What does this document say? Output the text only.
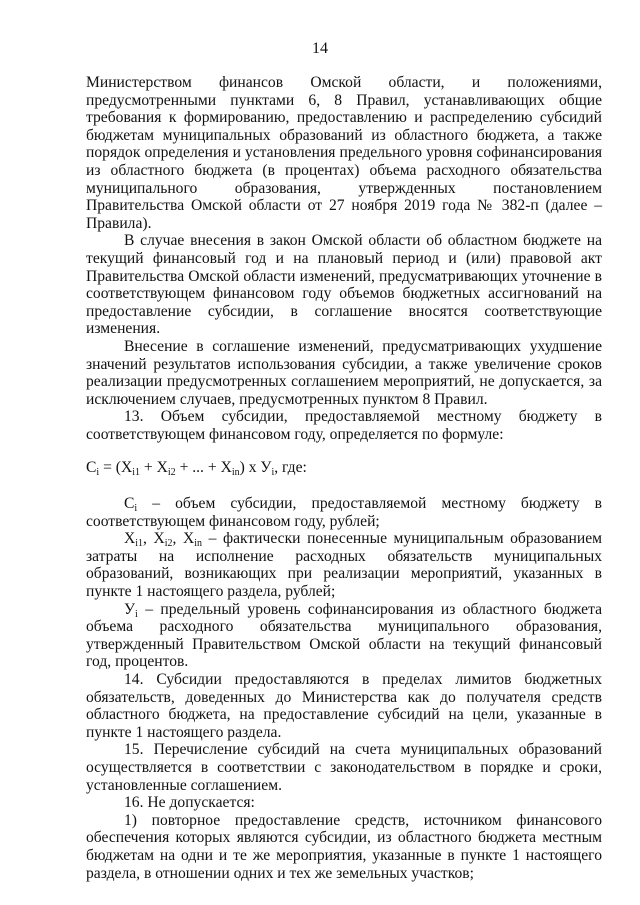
14

Министерством финансов Омской области, и положениями, предусмотренными пунктами 6, 8 Правил, устанавливающих общие требования к формированию, предоставлению и распределению субсидий бюджетам муниципальных образований из областного бюджета, а также порядок определения и установления предельного уровня софинансирования из областного бюджета (в процентах) объема расходного обязательства муниципального образования, утвержденных постановлением Правительства Омской области от 27 ноября 2019 года № 382-п (далее – Правила).

В случае внесения в закон Омской области об областном бюджете на текущий финансовый год и на плановый период и (или) правовой акт Правительства Омской области изменений, предусматривающих уточнение в соответствующем финансовом году объемов бюджетных ассигнований на предоставление субсидии, в соглашение вносятся соответствующие изменения.

Внесение в соглашение изменений, предусматривающих ухудшение значений результатов использования субсидии, а также увеличение сроков реализации предусмотренных соглашением мероприятий, не допускается, за исключением случаев, предусмотренных пунктом 8 Правил.

13. Объем субсидии, предоставляемой местному бюджету в соответствующем финансовом году, определяется по формуле:

$C_i = (X_{i1} + X_{i2}$ + ... + $X_{in}$) х $У_i$, где:

$C_i$ – объем субсидии, предоставляемой местному бюджету в соответствующем финансовом году, рублей;

$X_{i1}$, $X_{i2}$, $X_{in}$ – фактически понесенные муниципальным образованием затраты на исполнение расходных обязательств муниципальных образований, возникающих при реализации мероприятий, указанных в пункте 1 настоящего раздела, рублей;

$У_i$ – предельный уровень софинансирования из областного бюджета объема расходного обязательства муниципального образования, утвержденный Правительством Омской области на текущий финансовый год, процентов.

14. Субсидии предоставляются в пределах лимитов бюджетных обязательств, доведенных до Министерства как до получателя средств областного бюджета, на предоставление субсидий на цели, указанные в пункте 1 настоящего раздела.

15. Перечисление субсидий на счета муниципальных образований осуществляется в соответствии с законодательством в порядке и сроки, установленные соглашением.

16. Не допускается:

1) повторное предоставление средств, источником финансового обеспечения которых являются субсидии, из областного бюджета местным бюджетам на одни и те же мероприятия, указанные в пункте 1 настоящего раздела, в отношении одних и тех же земельных участков;
